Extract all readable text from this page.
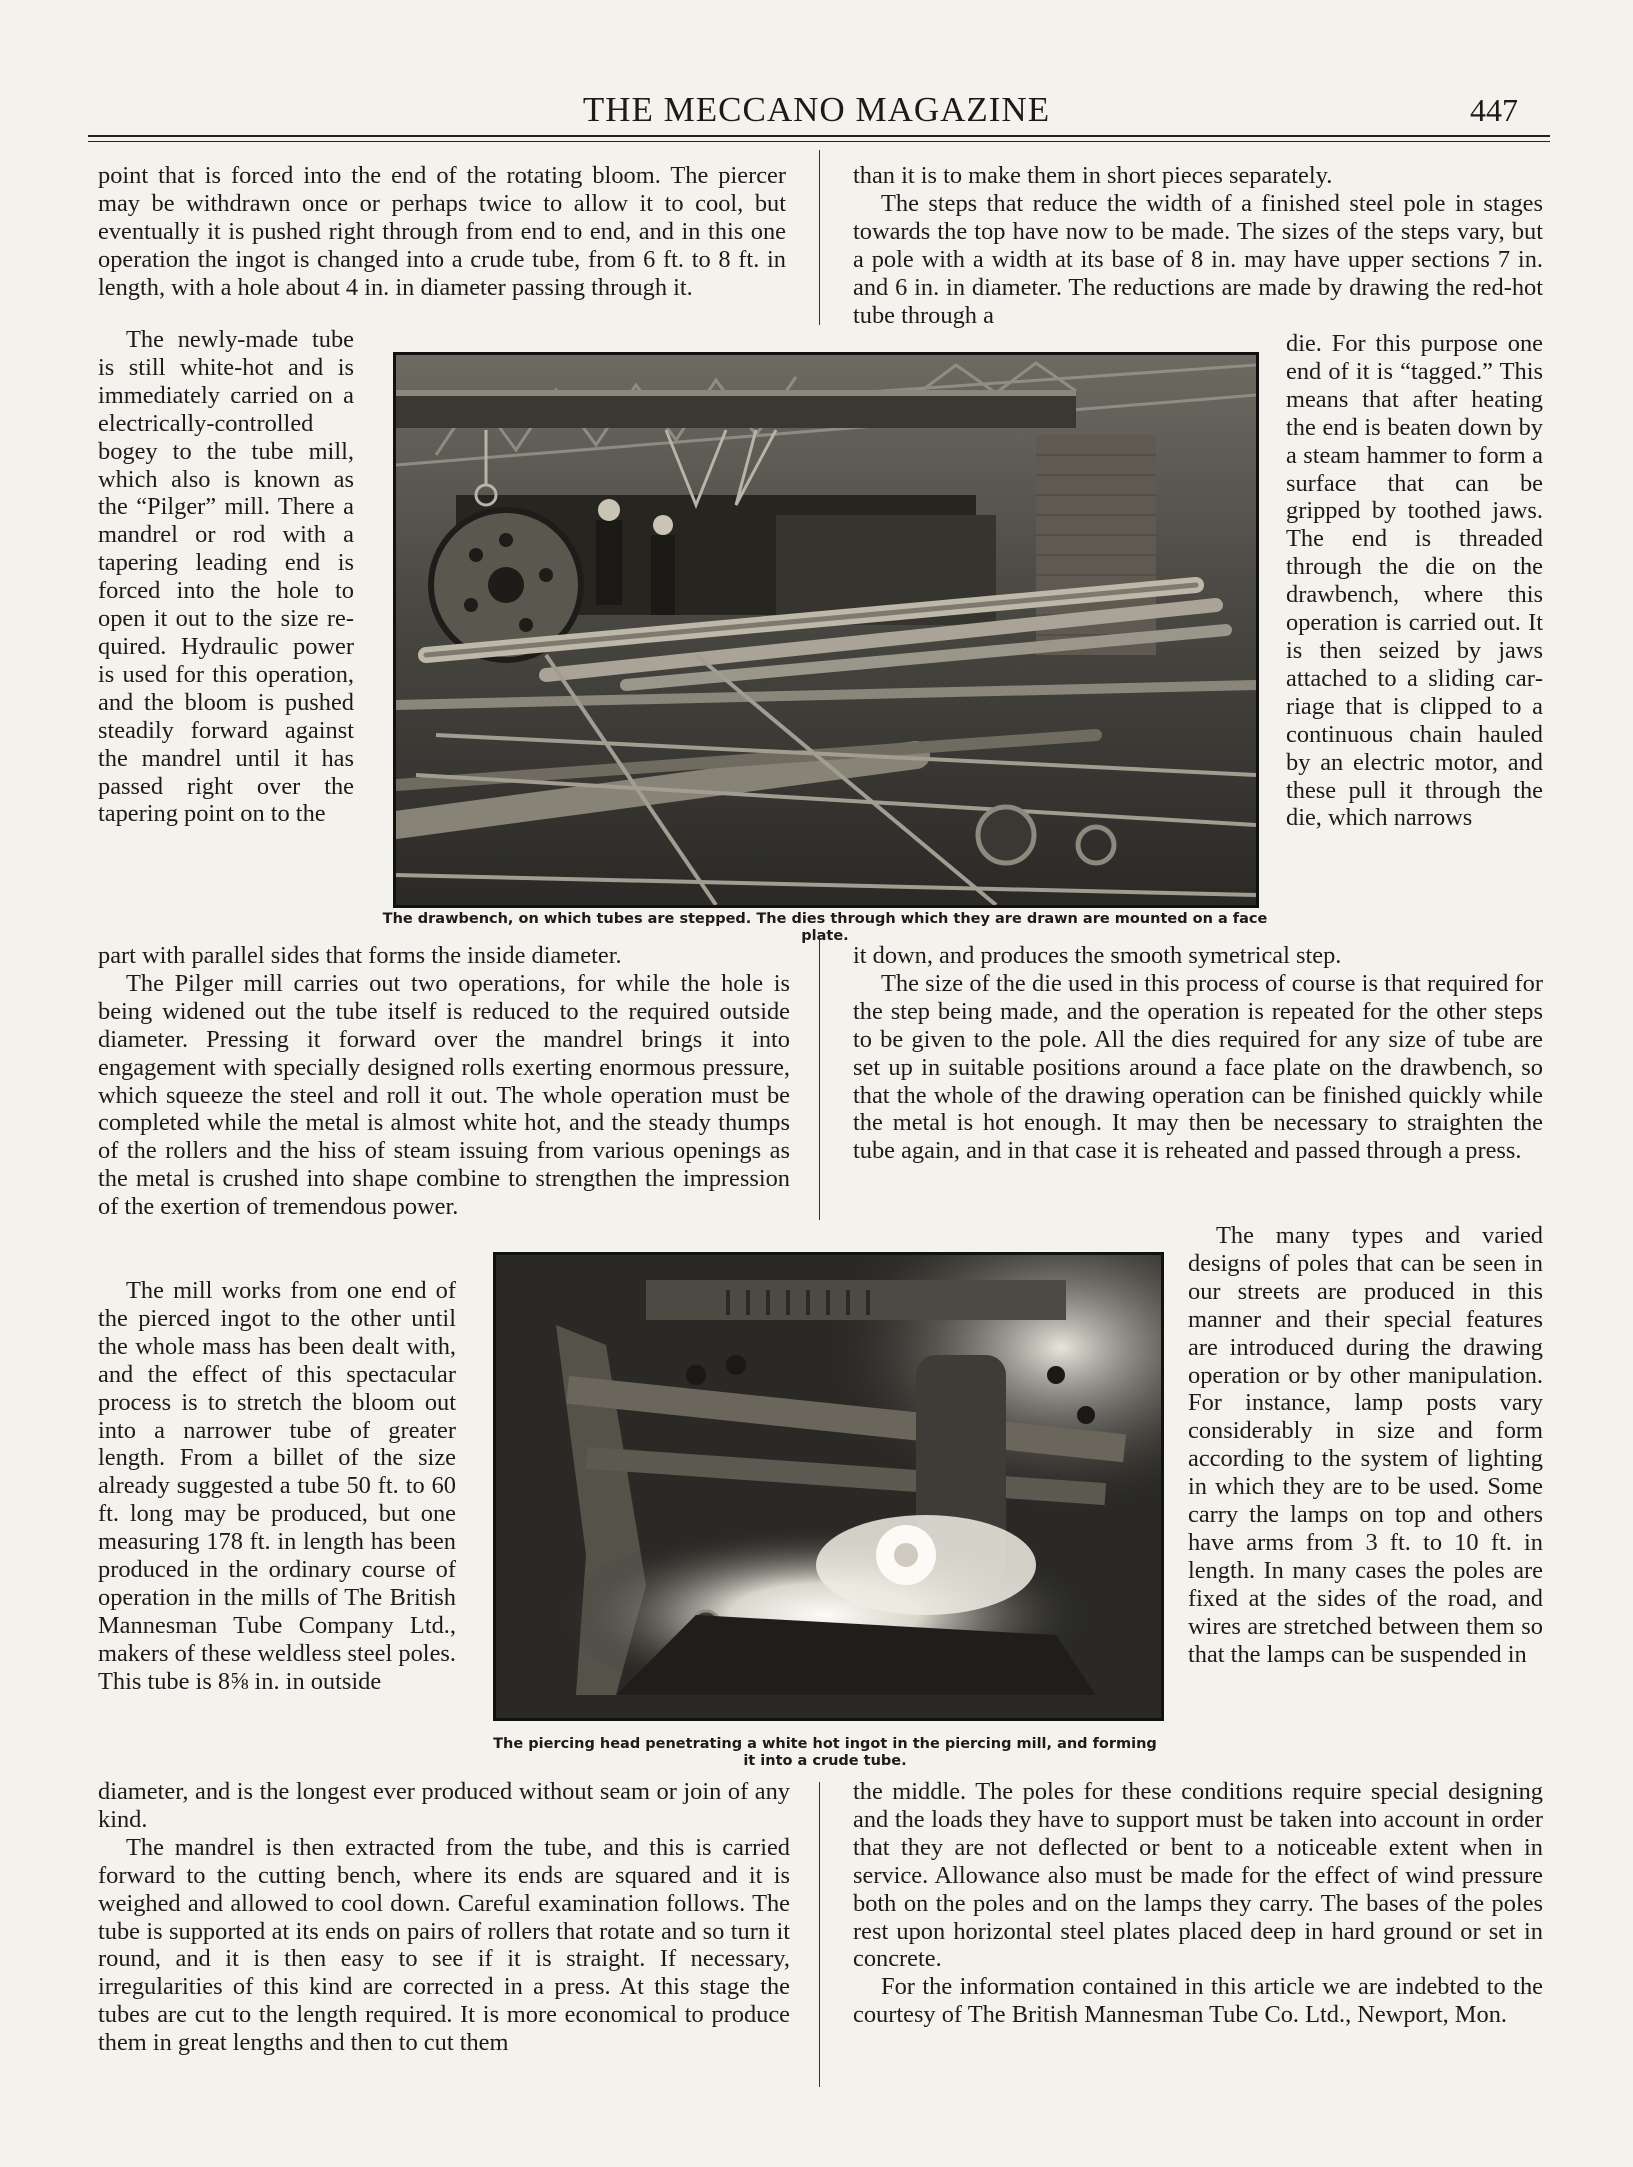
THE MECCANO MAGAZINE	447

point that is forced into the end of the rotating bloom. The piercer may be withdrawn once or perhaps twice to allow it to cool, but eventually it is pushed right through from end to end, and in this one operation the ingot is changed into a crude tube, from 6 ft. to 8 ft. in length, with a hole about 4 in. in diameter passing through it.

The newly-made tube is still white-hot and is immediately carried on a electrically-controlled bogey to the tube mill, which also is known as the “Pilger” mill. There a mandrel or rod with a tapering leading end is forced into the hole to open it out to the size required. Hydraulic power is used for this operation, and the bloom is pushed steadily forward against the mandrel until it has passed right over the tapering point on to the

part with parallel sides that forms the inside diameter.

The Pilger mill carries out two operations, for while the hole is being widened out the tube itself is reduced to the required outside diameter. Pressing it forward over the mandrel brings it into engagement with specially designed rolls exerting enormous pressure, which squeeze the steel and roll it out. The whole operation must be completed while the metal is almost white hot, and the steady thumps of the rollers and the hiss of steam issuing from various openings as the metal is crushed into shape combine to strengthen the impression of the exertion of tremendous power.

The mill works from one end of the pierced ingot to the other until the whole mass has been dealt with, and the effect of this spectacular process is to stretch the bloom out into a narrower tube of greater length. From a billet of the size already suggested a tube 50 ft. to 60 ft. long may be produced, but one measuring 178 ft. in length has been produced in the ordinary course of operation in the mills of The British Mannesman Tube Company Ltd., makers of these weldless steel poles. This tube is 8⅝ in. in outside

diameter, and is the longest ever produced without seam or join of any kind.

The mandrel is then extracted from the tube, and this is carried forward to the cutting bench, where its ends are squared and it is weighed and allowed to cool down. Careful examination follows. The tube is supported at its ends on pairs of rollers that rotate and so turn it round, and it is then easy to see if it is straight. If necessary, irregularities of this kind are corrected in a press. At this stage the tubes are cut to the length required. It is more economical to produce them in great lengths and then to cut them

than it is to make them in short pieces separately.

The steps that reduce the width of a finished steel pole in stages towards the top have now to be made. The sizes of the steps vary, but a pole with a width at its base of 8 in. may have upper sections 7 in. and 6 in. in diameter. The reductions are made by drawing the red-hot tube through a

die. For this purpose one end of it is “tagged.” This means that after heating the end is beaten down by a steam hammer to form a surface that can be gripped by toothed jaws. The end is threaded through the die on the drawbench, where this operation is carried out. It is then seized by jaws attached to a sliding carriage that is clipped to a continuous chain hauled by an electric motor, and these pull it through the die, which narrows

it down, and produces the smooth symetrical step.

The size of the die used in this process of course is that required for the step being made, and the operation is repeated for the other steps to be given to the pole. All the dies required for any size of tube are set up in suitable positions around a face plate on the drawbench, so that the whole of the drawing operation can be finished quickly while the metal is hot enough. It may then be necessary to straighten the tube again, and in that case it is reheated and passed through a press.

The many types and varied designs of poles that can be seen in our streets are produced in this manner and their special features are introduced during the drawing operation or by other manipulation. For instance, lamp posts vary considerably in size and form according to the system of lighting in which they are to be used. Some carry the lamps on top and others have arms from 3 ft. to 10 ft. in length. In many cases the poles are fixed at the sides of the road, and wires are stretched between them so that the lamps can be suspended in

the middle. The poles for these conditions require special designing and the loads they have to support must be taken into account in order that they are not deflected or bent to a noticeable extent when in service. Allowance also must be made for the effect of wind pressure both on the poles and on the lamps they carry. The bases of the poles rest upon horizontal steel plates placed deep in hard ground or set in concrete.

For the information contained in this article we are indebted to the courtesy of The British Mannesman Tube Co. Ltd., Newport, Mon.

The drawbench, on which tubes are stepped. The dies through which they are drawn are mounted on a face plate.
The piercing head penetrating a white hot ingot in the piercing mill, and forming
it into a crude tube.
